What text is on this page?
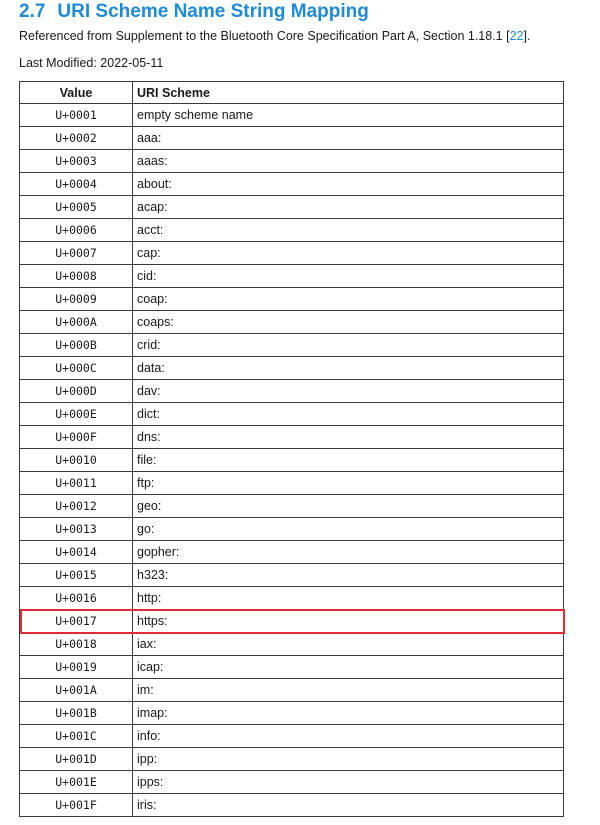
2.7 URI Scheme Name String Mapping
Referenced from Supplement to the Bluetooth Core Specification Part A, Section 1.18.1 [22].
Last Modified: 2022-05-11
Value	URI Scheme
U+0001	empty scheme name
U+0002	aaa:
U+0003	aaas:
U+0004	about:
U+0005	acap:
U+0006	acct:
U+0007	cap:
U+0008	cid:
U+0009	coap:
U+000A	coaps:
U+000B	crid:
U+000C	data:
U+000D	dav:
U+000E	dict:
U+000F	dns:
U+0010	file:
U+0011	ftp:
U+0012	geo:
U+0013	go:
U+0014	gopher:
U+0015	h323:
U+0016	http:
U+0017	https:
U+0018	iax:
U+0019	icap:
U+001A	im:
U+001B	imap:
U+001C	info:
U+001D	ipp:
U+001E	ipps:
U+001F	iris:
